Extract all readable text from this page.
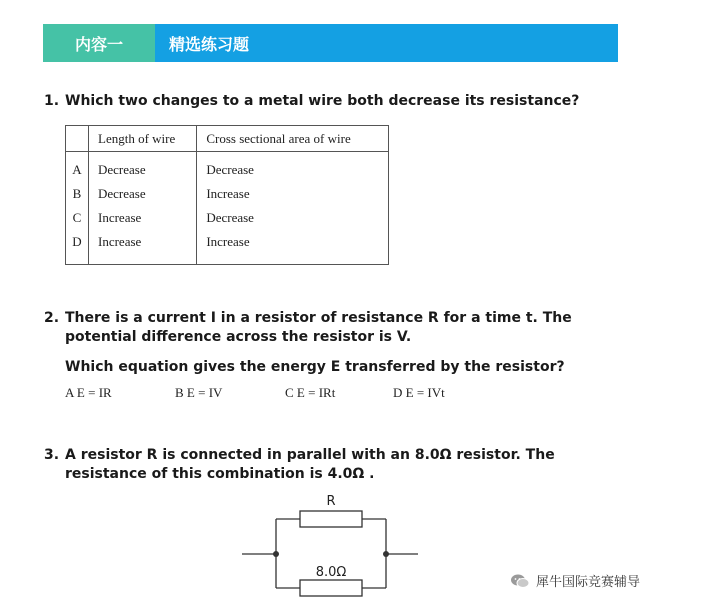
内容一	精选练习题
1. Which two changes to a metal wire both decrease its resistance?
	Length of wire	Cross sectional area of wire
A	Decrease	Decrease
B	Decrease	Increase
C	Increase	Decrease
D	Increase	Increase
2. There is a current I in a resistor of resistance R for a time t. The potential difference across the resistor is V.
Which equation gives the energy E transferred by the resistor?
A E = IR	B E = IV	C E = IRt	D E = IVt
3. A resistor R is connected in parallel with an 8.0Ω resistor. The resistance of this combination is 4.0Ω .
R
8.0Ω
犀牛国际竞赛辅导
